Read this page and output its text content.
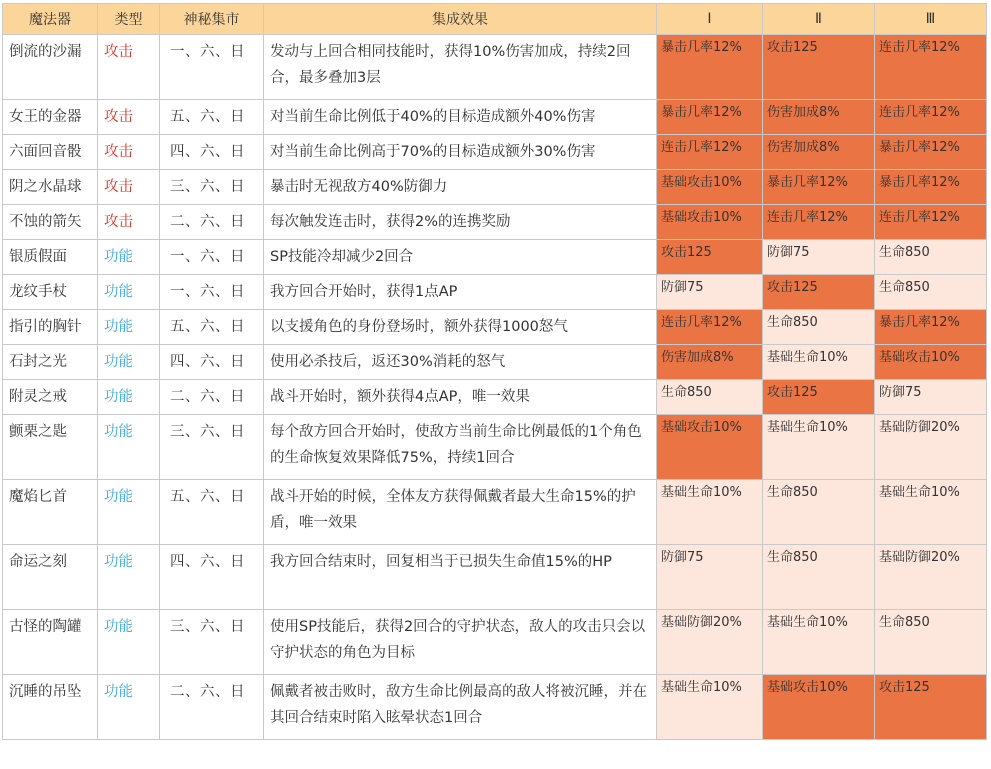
魔法器	类型	神秘集市	集成效果	Ⅰ	Ⅱ	Ⅲ
倒流的沙漏	攻击	一、六、日	发动与上回合相同技能时，获得10%伤害加成，持续2回合，最多叠加3层	暴击几率12%	攻击125	连击几率12%
女王的金器	攻击	五、六、日	对当前生命比例低于40%的目标造成额外40%伤害	暴击几率12%	伤害加成8%	连击几率12%
六面回音骰	攻击	四、六、日	对当前生命比例高于70%的目标造成额外30%伤害	连击几率12%	伤害加成8%	暴击几率12%
阴之水晶球	攻击	三、六、日	暴击时无视敌方40%防御力	基础攻击10%	暴击几率12%	暴击几率12%
不蚀的箭矢	攻击	二、六、日	每次触发连击时，获得2%的连携奖励	基础攻击10%	连击几率12%	连击几率12%
银质假面	功能	一、六、日	SP技能冷却减少2回合	攻击125	防御75	生命850
龙纹手杖	功能	一、六、日	我方回合开始时，获得1点AP	防御75	攻击125	生命850
指引的胸针	功能	五、六、日	以支援角色的身份登场时，额外获得1000怒气	连击几率12%	生命850	暴击几率12%
石封之光	功能	四、六、日	使用必杀技后，返还30%消耗的怒气	伤害加成8%	基础生命10%	基础攻击10%
附灵之戒	功能	二、六、日	战斗开始时，额外获得4点AP，唯一效果	生命850	攻击125	防御75
颤栗之匙	功能	三、六、日	每个敌方回合开始时，使敌方当前生命比例最低的1个角色的生命恢复效果降低75%，持续1回合	基础攻击10%	基础生命10%	基础防御20%
魔焰匕首	功能	五、六、日	战斗开始的时候，全体友方获得佩戴者最大生命15%的护盾，唯一效果	基础生命10%	生命850	基础生命10%
命运之刻	功能	四、六、日	我方回合结束时，回复相当于已损失生命值15%的HP	防御75	生命850	基础防御20%
古怪的陶罐	功能	三、六、日	使用SP技能后，获得2回合的守护状态，敌人的攻击只会以守护状态的角色为目标	基础防御20%	基础生命10%	生命850
沉睡的吊坠	功能	二、六、日	佩戴者被击败时，敌方生命比例最高的敌人将被沉睡，并在其回合结束时陷入眩晕状态1回合	基础生命10%	基础攻击10%	攻击125
